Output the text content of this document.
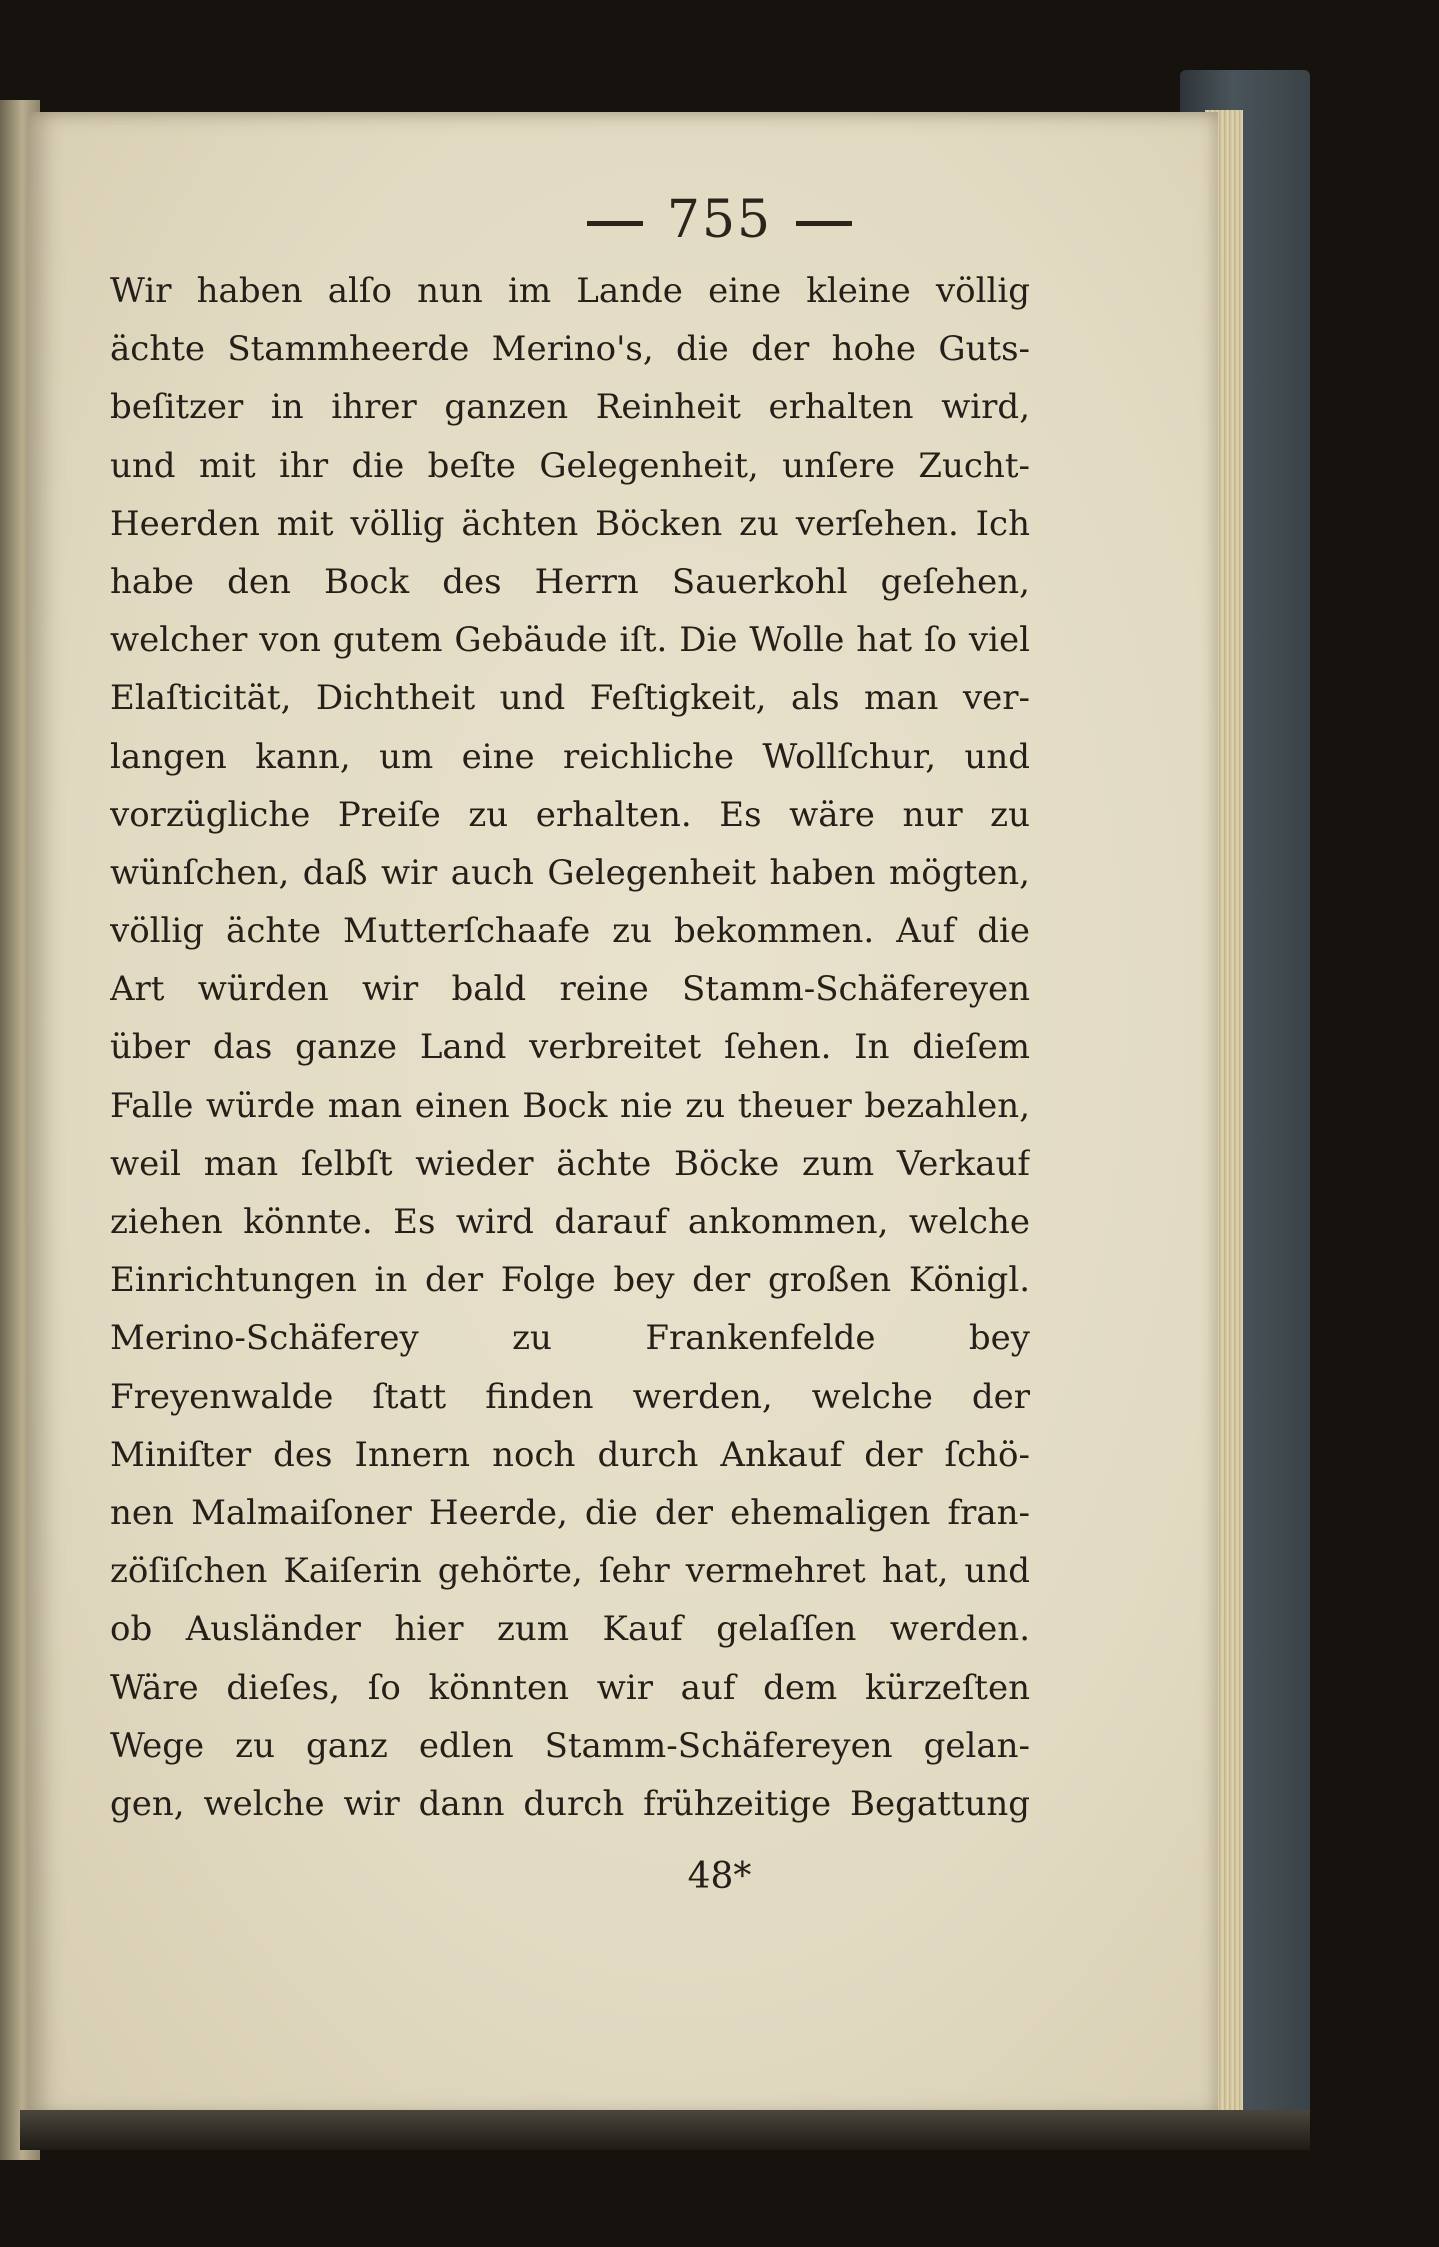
755
Wir haben alſo nun im Lande eine kleine völlig
ächte Stammheerde Merino's, die der hohe Guts-
beſitzer in ihrer ganzen Reinheit erhalten wird,
und mit ihr die beſte Gelegenheit, unſere Zucht-
Heerden mit völlig ächten Böcken zu verſehen. Ich
habe den Bock des Herrn Sauerkohl geſehen,
welcher von gutem Gebäude iſt. Die Wolle hat ſo viel
Elaſticität, Dichtheit und Feſtigkeit, als man ver-
langen kann, um eine reichliche Wollſchur, und
vorzügliche Preiſe zu erhalten. Es wäre nur zu
wünſchen, daß wir auch Gelegenheit haben mögten,
völlig ächte Mutterſchaafe zu bekommen. Auf die
Art würden wir bald reine Stamm-Schäfereyen
über das ganze Land verbreitet ſehen. In dieſem
Falle würde man einen Bock nie zu theuer bezahlen,
weil man ſelbſt wieder ächte Böcke zum Verkauf
ziehen könnte. Es wird darauf ankommen, welche
Einrichtungen in der Folge bey der großen Königl.
Merino-Schäferey zu Frankenfelde bey
Freyenwalde ſtatt finden werden, welche der
Miniſter des Innern noch durch Ankauf der ſchö-
nen Malmaiſoner Heerde, die der ehemaligen fran-
zöſiſchen Kaiſerin gehörte, ſehr vermehret hat, und
ob Ausländer hier zum Kauf gelaſſen werden.
Wäre dieſes, ſo könnten wir auf dem kürzeſten
Wege zu ganz edlen Stamm-Schäfereyen gelan-
gen, welche wir dann durch frühzeitige Begattung
48*
